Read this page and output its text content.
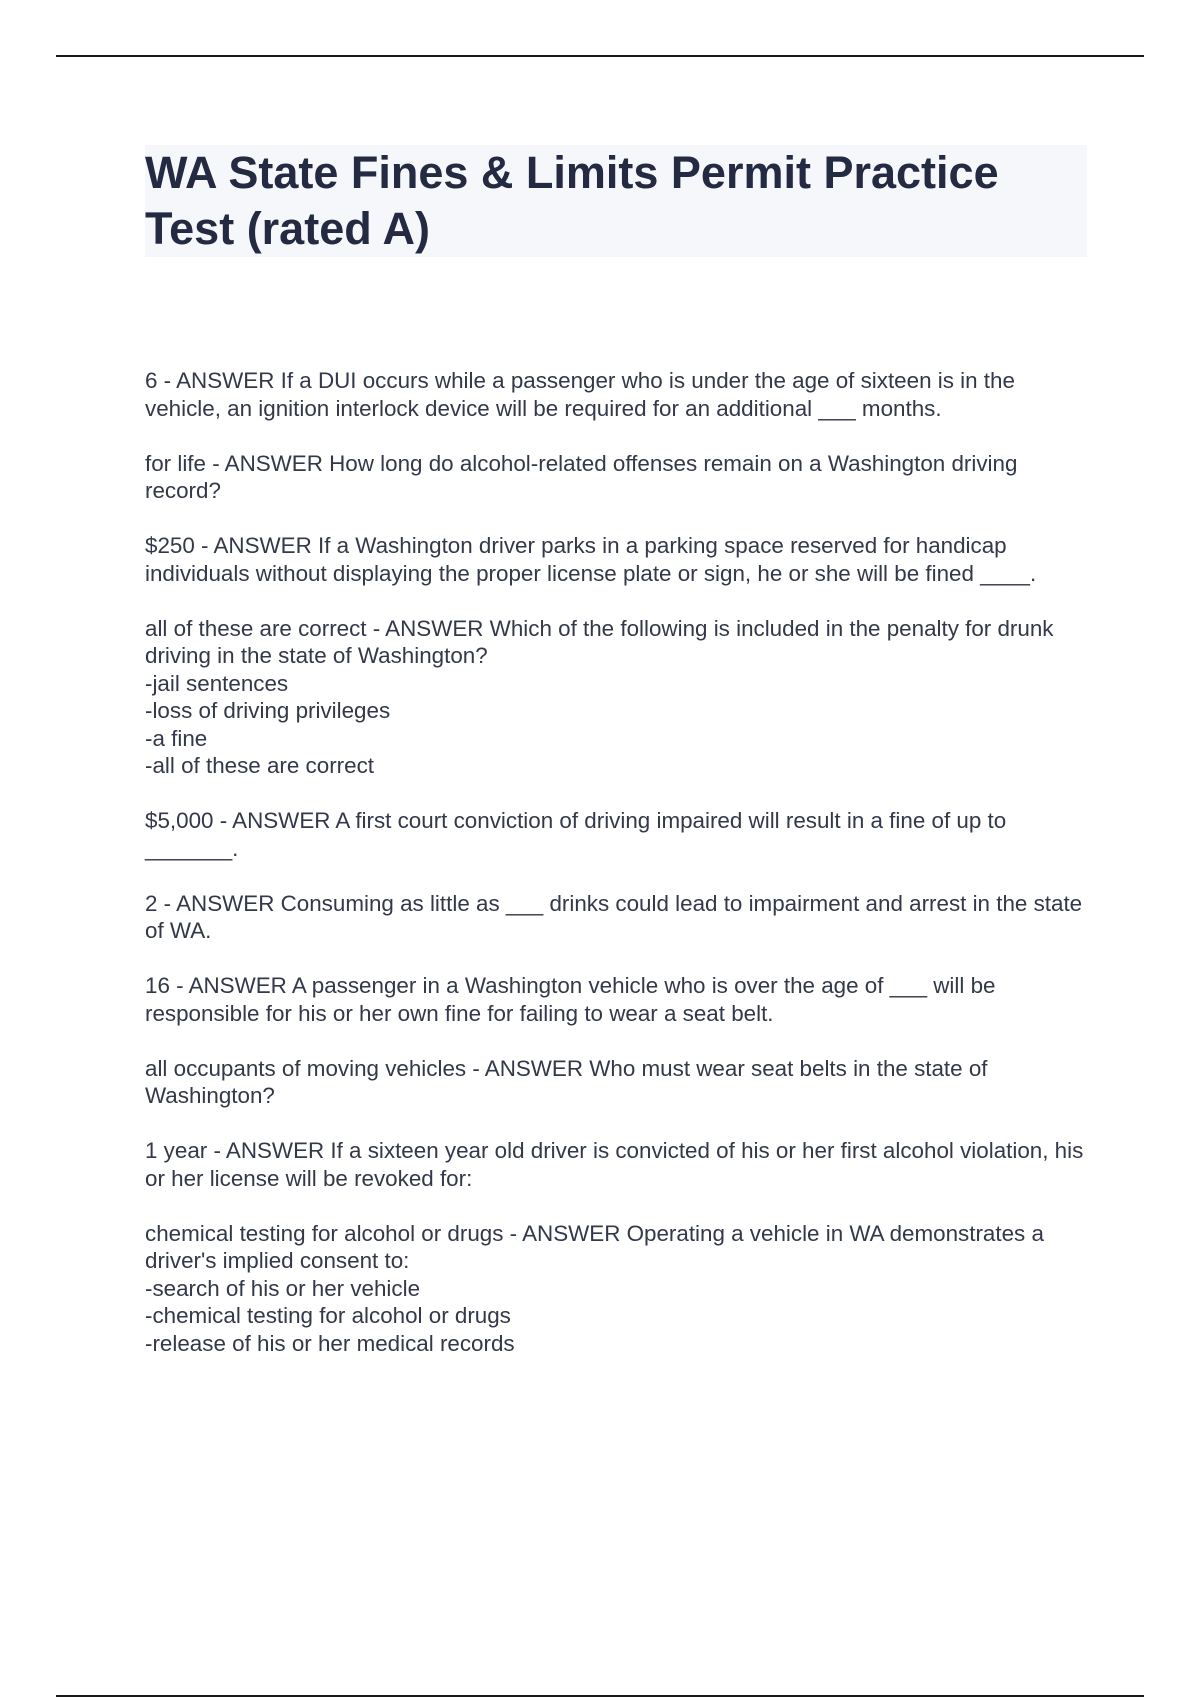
WA State Fines & Limits Permit Practice Test (rated A)
6 - ANSWER If a DUI occurs while a passenger who is under the age of sixteen is in the vehicle, an ignition interlock device will be required for an additional ___ months.
for life - ANSWER How long do alcohol-related offenses remain on a Washington driving record?
$250 - ANSWER If a Washington driver parks in a parking space reserved for handicap individuals without displaying the proper license plate or sign, he or she will be fined ____.
all of these are correct - ANSWER Which of the following is included in the penalty for drunk driving in the state of Washington?
-jail sentences
-loss of driving privileges
-a fine
-all of these are correct
$5,000 - ANSWER A first court conviction of driving impaired will result in a fine of up to _______.
2 - ANSWER Consuming as little as ___ drinks could lead to impairment and arrest in the state of WA.
16 - ANSWER A passenger in a Washington vehicle who is over the age of ___ will be responsible for his or her own fine for failing to wear a seat belt.
all occupants of moving vehicles - ANSWER Who must wear seat belts in the state of Washington?
1 year - ANSWER If a sixteen year old driver is convicted of his or her first alcohol violation, his or her license will be revoked for:
chemical testing for alcohol or drugs - ANSWER Operating a vehicle in WA demonstrates a driver's implied consent to:
-search of his or her vehicle
-chemical testing for alcohol or drugs
-release of his or her medical records
